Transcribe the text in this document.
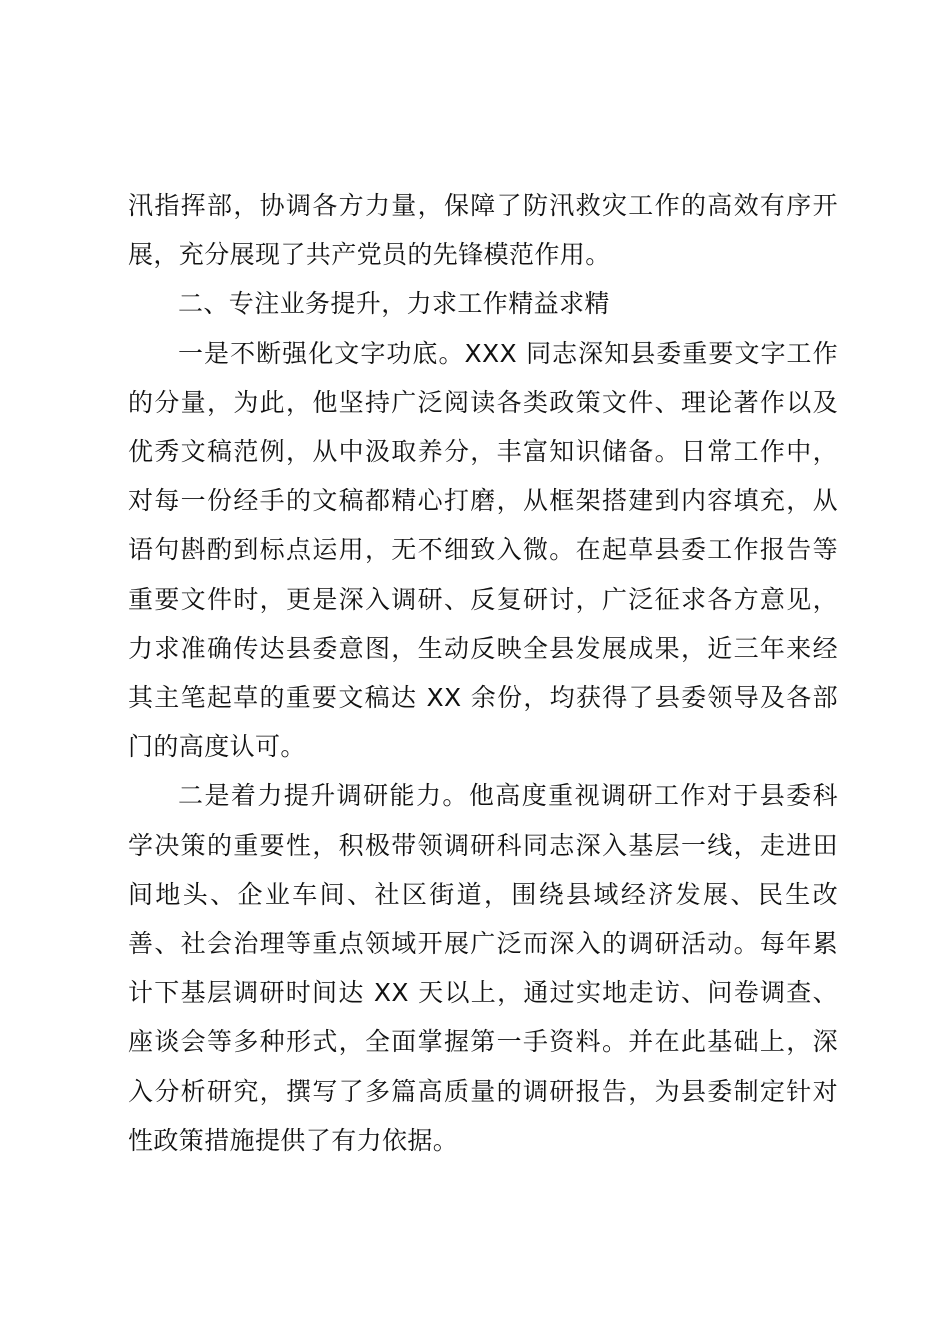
汛指挥部，协调各方力量，保障了防汛救灾工作的高效有序开展，充分展现了共产党员的先锋模范作用。

二、专注业务提升，力求工作精益求精

一是不断强化文字功底。XXX 同志深知县委重要文字工作的分量，为此，他坚持广泛阅读各类政策文件、理论著作以及优秀文稿范例，从中汲取养分，丰富知识储备。日常工作中，对每一份经手的文稿都精心打磨，从框架搭建到内容填充，从语句斟酌到标点运用，无不细致入微。在起草县委工作报告等重要文件时，更是深入调研、反复研讨，广泛征求各方意见，力求准确传达县委意图，生动反映全县发展成果，近三年来经其主笔起草的重要文稿达 XX 余份，均获得了县委领导及各部门的高度认可。

二是着力提升调研能力。他高度重视调研工作对于县委科学决策的重要性，积极带领调研科同志深入基层一线，走进田间地头、企业车间、社区街道，围绕县域经济发展、民生改善、社会治理等重点领域开展广泛而深入的调研活动。每年累计下基层调研时间达 XX 天以上，通过实地走访、问卷调查、座谈会等多种形式，全面掌握第一手资料。并在此基础上，深入分析研究，撰写了多篇高质量的调研报告，为县委制定针对性政策措施提供了有力依据。
